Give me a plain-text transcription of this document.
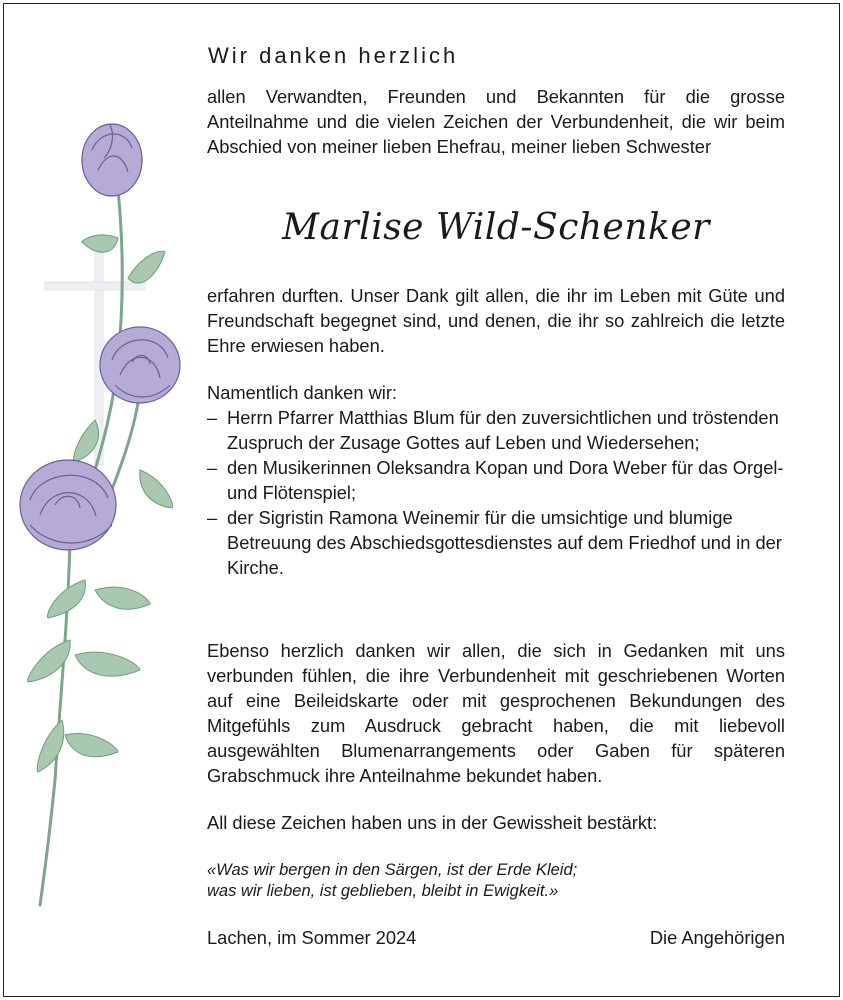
Wir danken herzlich
allen Verwandten, Freunden und Bekannten für die grosse Anteilnahme und die vielen Zeichen der Verbundenheit, die wir beim Abschied von meiner lieben Ehefrau, meiner lieben Schwester
Marlise Wild-Schenker
erfahren durften. Unser Dank gilt allen, die ihr im Leben mit Güte und Freundschaft begegnet sind, und denen, die ihr so zahlreich die letzte Ehre erwiesen haben.
Namentlich danken wir:
– Herrn Pfarrer Matthias Blum für den zuversichtlichen und tröstenden Zuspruch der Zusage Gottes auf Leben und Wiedersehen;
– den Musikerinnen Oleksandra Kopan und Dora Weber für das Orgel- und Flötenspiel;
– der Sigristin Ramona Weinemir für die umsichtige und blumige Betreuung des Abschiedsgottesdienstes auf dem Friedhof und in der Kirche.
Ebenso herzlich danken wir allen, die sich in Gedanken mit uns verbunden fühlen, die ihre Verbundenheit mit geschriebenen Worten auf eine Beileidskarte oder mit gesprochenen Bekundungen des Mitgefühls zum Ausdruck gebracht haben, die mit liebevoll ausgewählten Blumenarrangements oder Gaben für späteren Grabschmuck ihre Anteilnahme bekundet haben.
All diese Zeichen haben uns in der Gewissheit bestärkt:
«Was wir bergen in den Särgen, ist der Erde Kleid;
was wir lieben, ist geblieben, bleibt in Ewigkeit.»
Lachen, im Sommer 2024	Die Angehörigen
